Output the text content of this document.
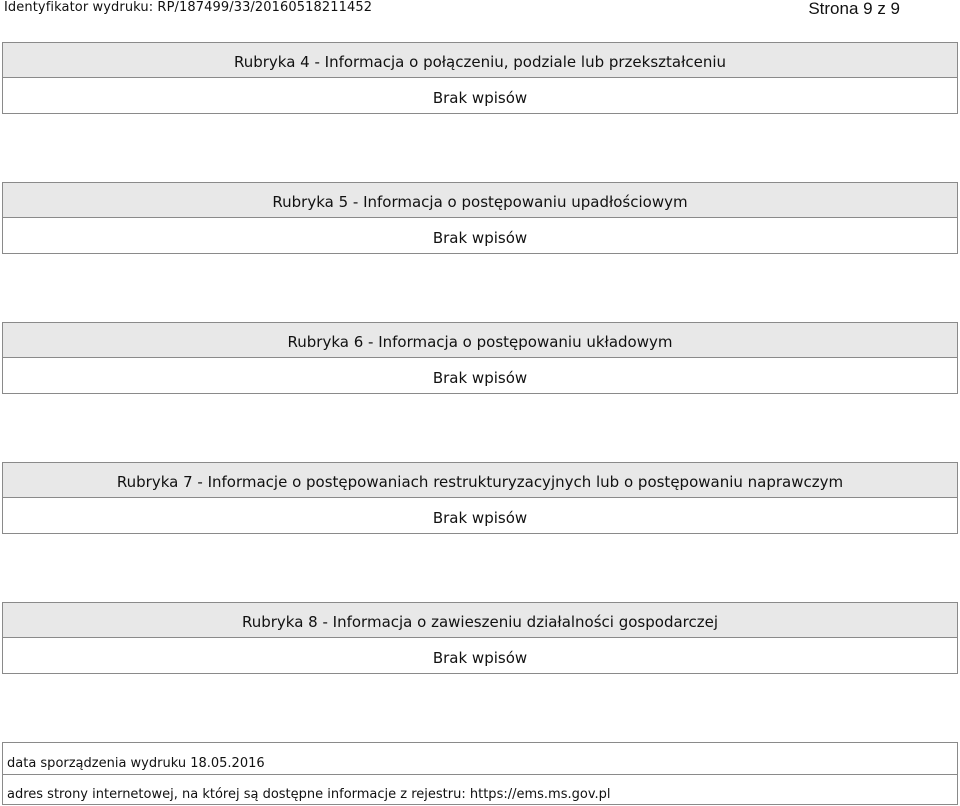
Identyfikator wydruku: RP/187499/33/20160518211452	Strona 9 z 9
Rubryka 4 - Informacja o połączeniu, podziale lub przekształceniu
Brak wpisów
Rubryka 5 - Informacja o postępowaniu upadłościowym
Brak wpisów
Rubryka 6 - Informacja o postępowaniu układowym
Brak wpisów
Rubryka 7 - Informacje o postępowaniach restrukturyzacyjnych lub o postępowaniu naprawczym
Brak wpisów
Rubryka 8 - Informacja o zawieszeniu działalności gospodarczej
Brak wpisów
data sporządzenia wydruku 18.05.2016
adres strony internetowej, na której są dostępne informacje z rejestru: https://ems.ms.gov.pl
